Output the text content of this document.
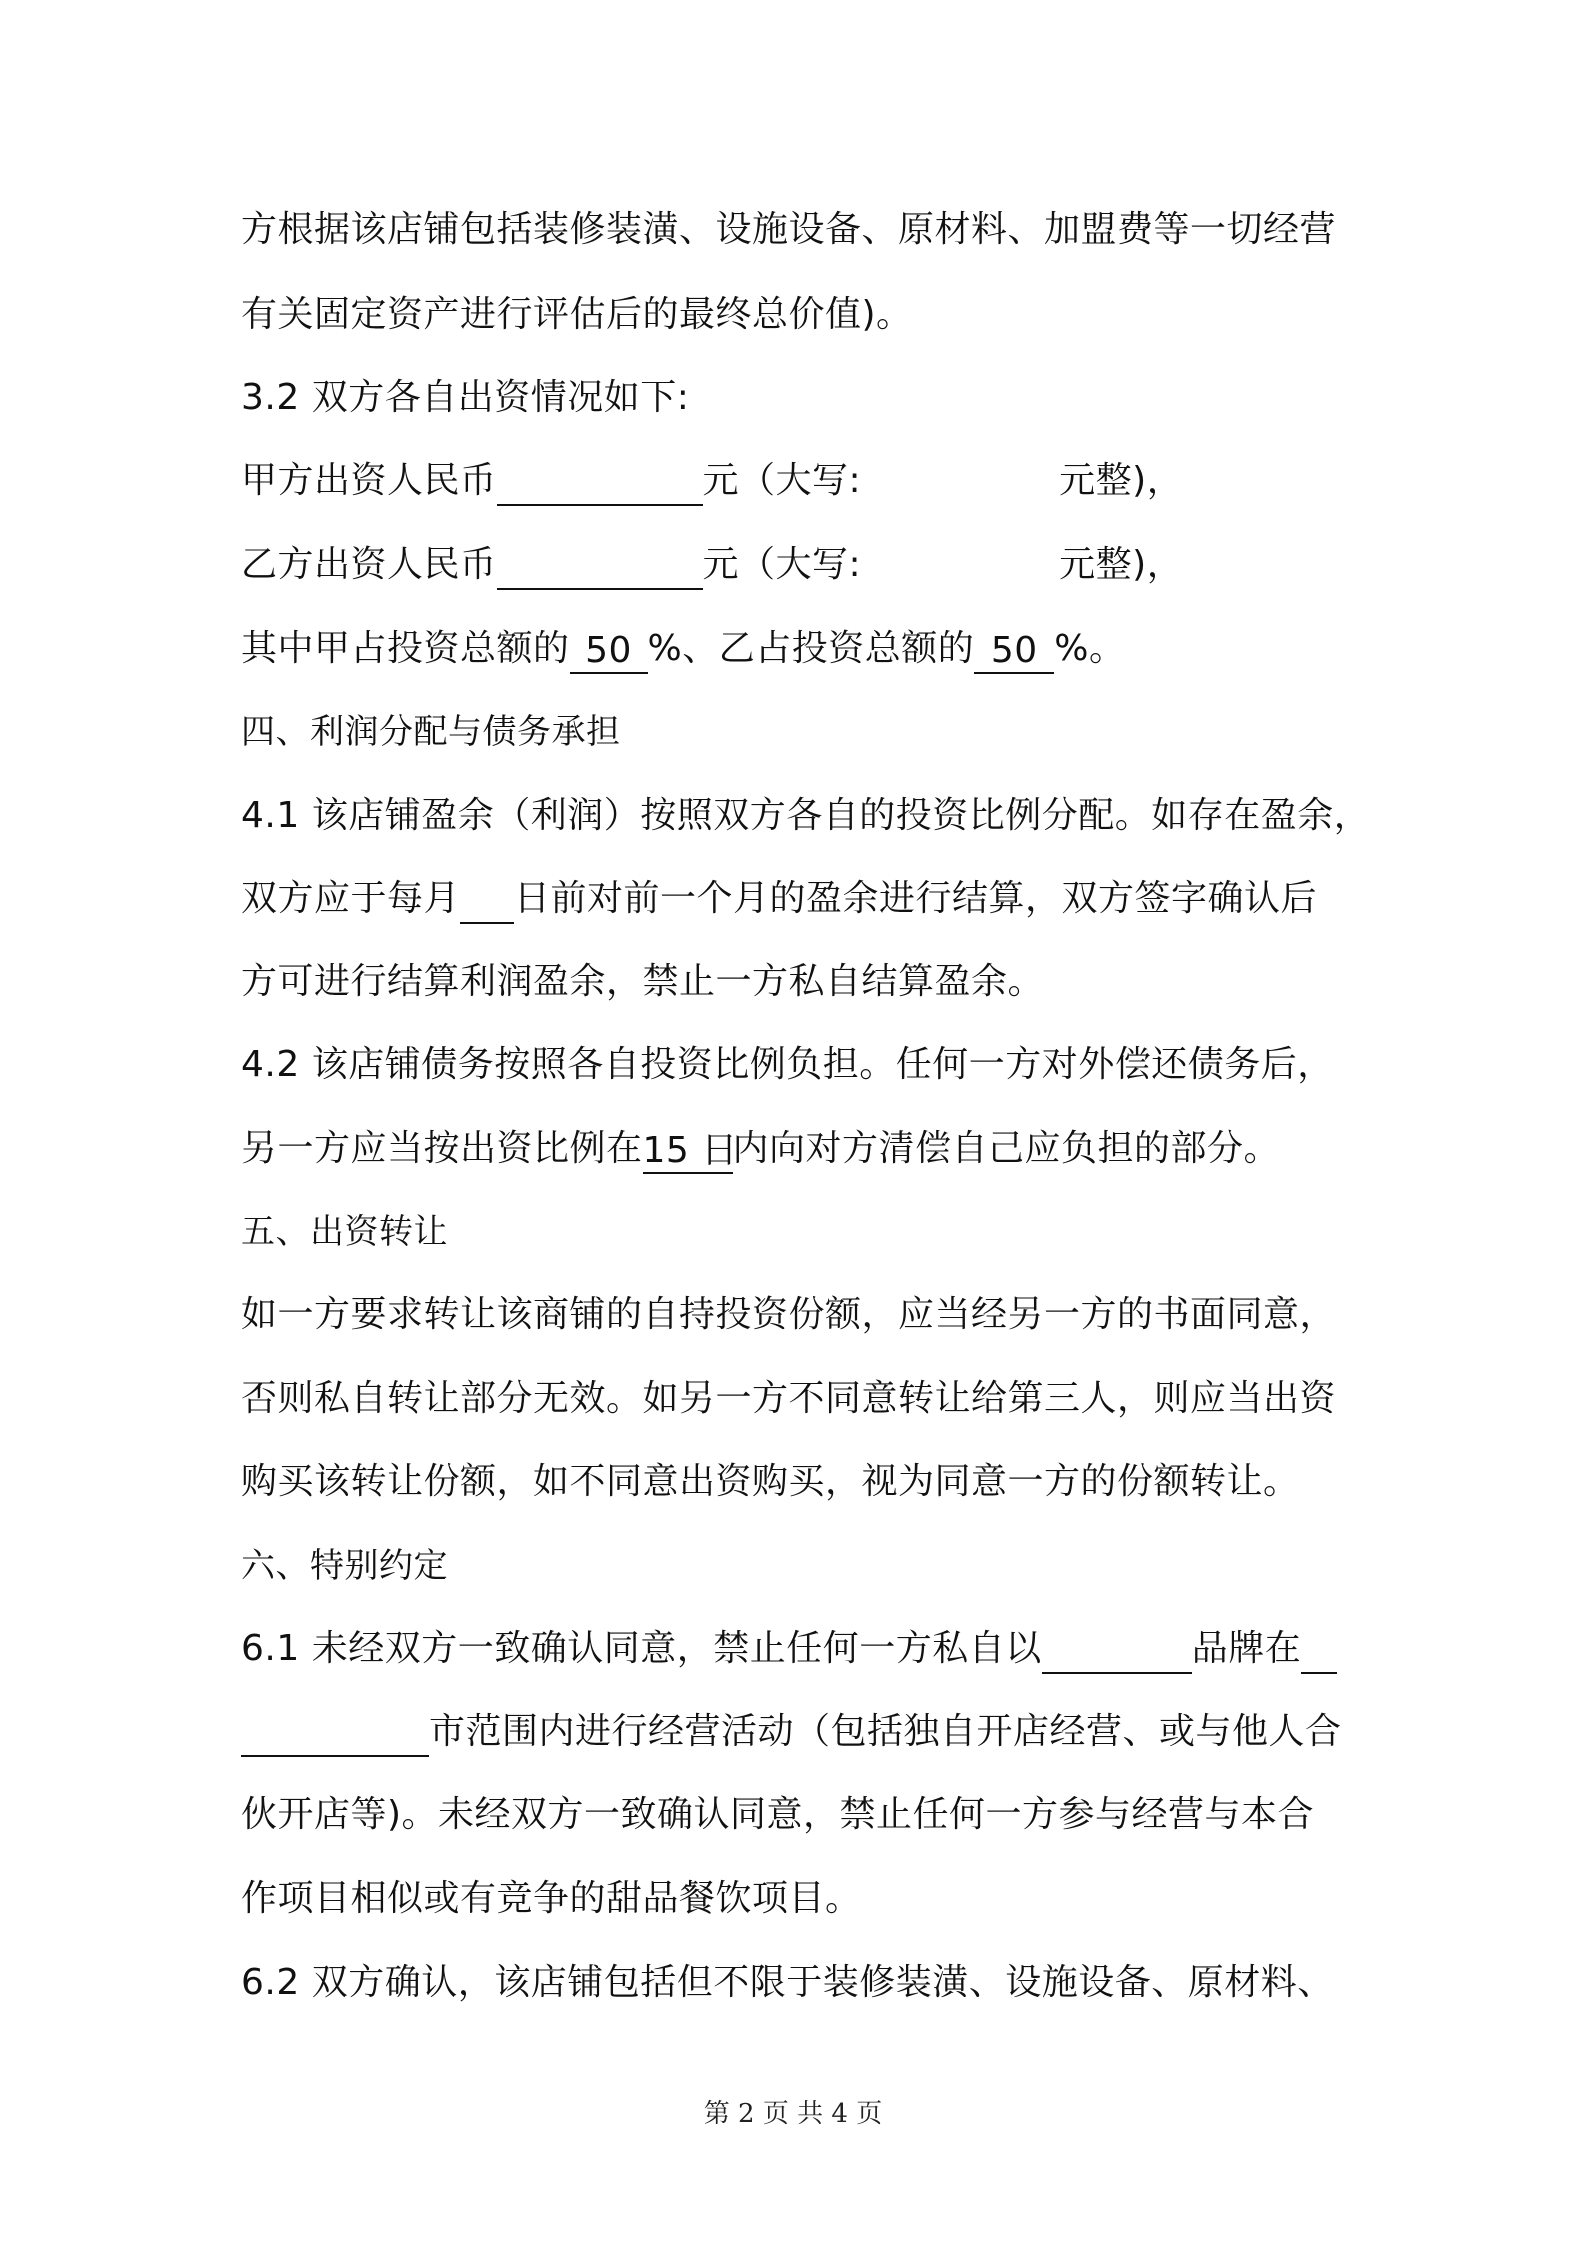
方根据该店铺包括装修装潢、设施设备、原材料、加盟费等一切经营
有关固定资产进行评估后的最终总价值)。
3.2 双方各自出资情况如下:
甲方出资人民币	元（大写:	元整)，
乙方出资人民币	元（大写:	元整)，
其中甲占投资总额的 50 %、乙占投资总额的 50 %。
四、利润分配与债务承担
4.1 该店铺盈余（利润）按照双方各自的投资比例分配。如存在盈余，
双方应于每月 日前对前一个月的盈余进行结算，双方签字确认后
方可进行结算利润盈余，禁止一方私自结算盈余。
4.2 该店铺债务按照各自投资比例负担。任何一方对外偿还债务后，
另一方应当按出资比例在15 日内向对方清偿自己应负担的部分。
五、出资转让
如一方要求转让该商铺的自持投资份额，应当经另一方的书面同意，
否则私自转让部分无效。如另一方不同意转让给第三人，则应当出资
购买该转让份额，如不同意出资购买，视为同意一方的份额转让。
六、特别约定
6.1 未经双方一致确认同意，禁止任何一方私自以	品牌在
市范围内进行经营活动（包括独自开店经营、或与他人合
伙开店等)。未经双方一致确认同意，禁止任何一方参与经营与本合
作项目相似或有竞争的甜品餐饮项目。
6.2 双方确认，该店铺包括但不限于装修装潢、设施设备、原材料、
第 2 页 共 4 页
